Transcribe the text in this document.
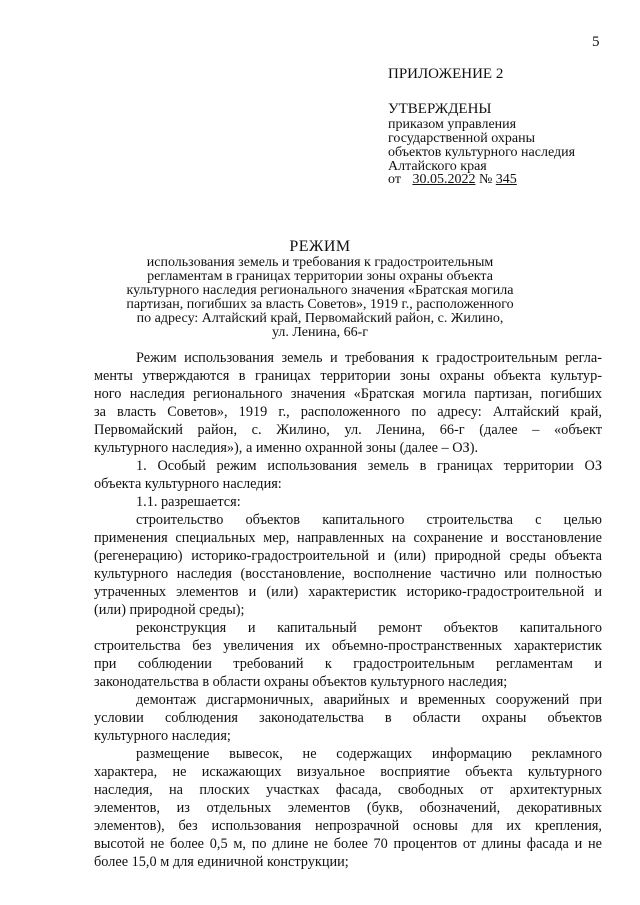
5
ПРИЛОЖЕНИЕ 2
УТВЕРЖДЕНЫ
приказом управления
государственной охраны
объектов культурного наследия
Алтайского края
от 30.05.2022 № 345
РЕЖИМ
использования земель и требования к градостроительным
регламентам в границах территории зоны охраны объекта
культурного наследия регионального значения «Братская могила
партизан, погибших за власть Советов», 1919 г., расположенного
по адресу: Алтайский край, Первомайский район, с. Жилино,
ул. Ленина, 66-г
Режим использования земель и требования к градостроительным регла-
менты утверждаются в границах территории зоны охраны объекта культур-
ного наследия регионального значения «Братская могила партизан, погибших
за власть Советов», 1919 г., расположенного по адресу: Алтайский край,
Первомайский район, с. Жилино, ул. Ленина, 66-г (далее – «объект
культурного наследия»), а именно охранной зоны (далее – ОЗ).
1. Особый режим использования земель в границах территории ОЗ
объекта культурного наследия:
1.1. разрешается:
строительство объектов капитального строительства с целью
применения специальных мер, направленных на сохранение и восстановление
(регенерацию) историко-градостроительной и (или) природной среды объекта
культурного наследия (восстановление, восполнение частично или полностью
утраченных элементов и (или) характеристик историко-градостроительной и
(или) природной среды);
реконструкция и капитальный ремонт объектов капитального
строительства без увеличения их объемно-пространственных характеристик
при соблюдении требований к градостроительным регламентам и
законодательства в области охраны объектов культурного наследия;
демонтаж дисгармоничных, аварийных и временных сооружений при
условии соблюдения законодательства в области охраны объектов
культурного наследия;
размещение вывесок, не содержащих информацию рекламного
характера, не искажающих визуальное восприятие объекта культурного
наследия, на плоских участках фасада, свободных от архитектурных
элементов, из отдельных элементов (букв, обозначений, декоративных
элементов), без использования непрозрачной основы для их крепления,
высотой не более 0,5 м, по длине не более 70 процентов от длины фасада и не
более 15,0 м для единичной конструкции;
